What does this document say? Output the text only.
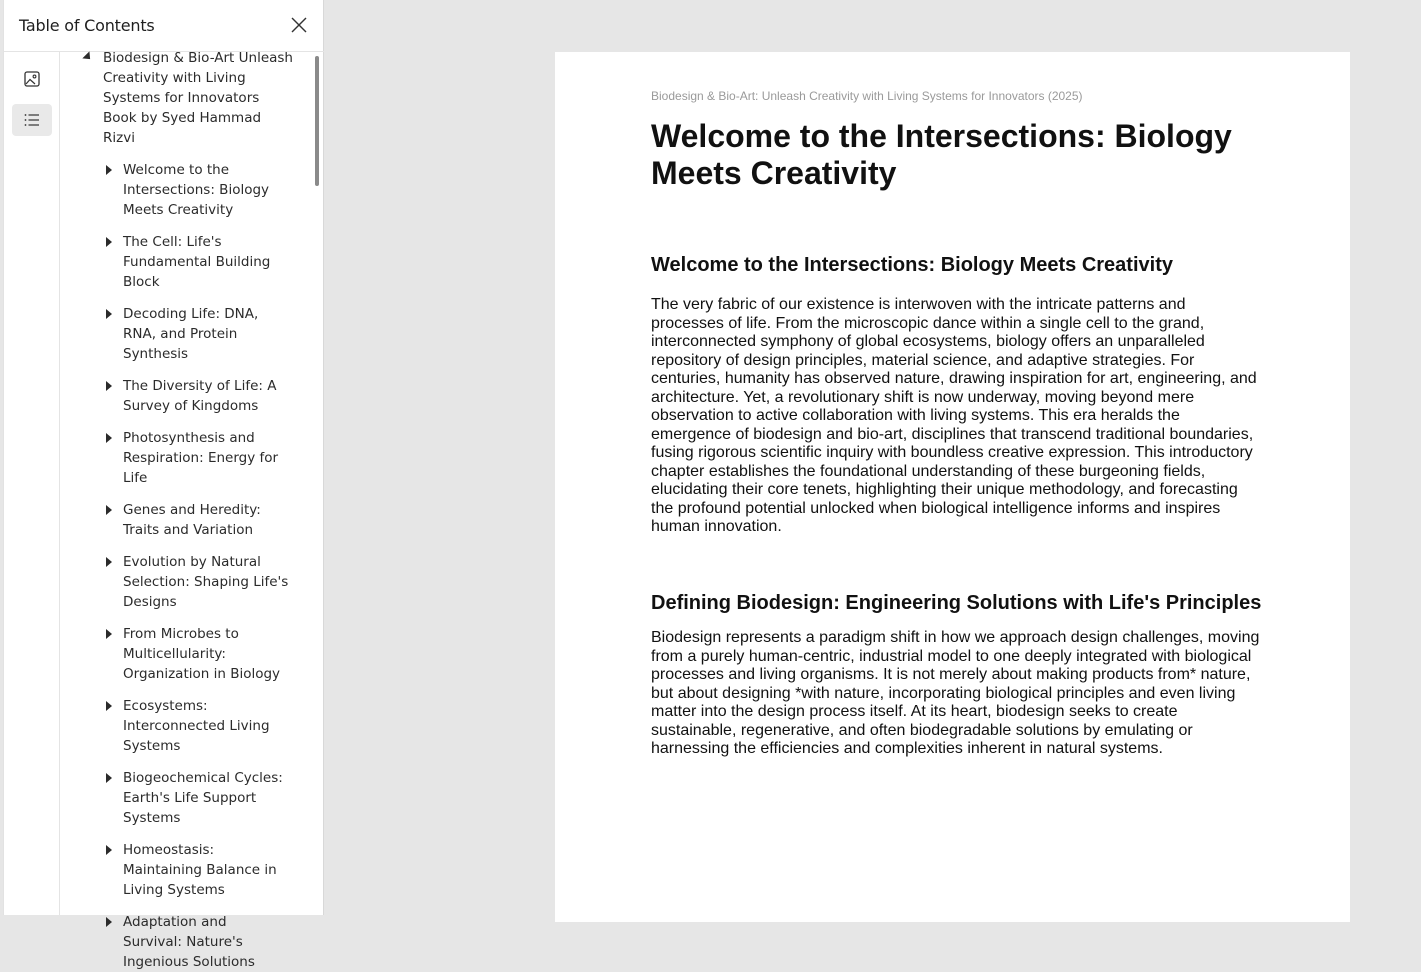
Table of Contents
Biodesign & Bio-Art Unleash Creativity with Living Systems for Innovators Book by Syed Hammad Rizvi
Welcome to the Intersections: Biology Meets Creativity
The Cell: Life's Fundamental Building Block
Decoding Life: DNA, RNA, and Protein Synthesis
The Diversity of Life: A Survey of Kingdoms
Photosynthesis and Respiration: Energy for Life
Genes and Heredity: Traits and Variation
Evolution by Natural Selection: Shaping Life's Designs
From Microbes to Multicellularity: Organization in Biology
Ecosystems: Interconnected Living Systems
Biogeochemical Cycles: Earth's Life Support Systems
Homeostasis: Maintaining Balance in Living Systems
Adaptation and Survival: Nature's Ingenious Solutions
Biodesign & Bio-Art: Unleash Creativity with Living Systems for Innovators (2025)
Welcome to the Intersections: Biology Meets Creativity
Welcome to the Intersections: Biology Meets Creativity

The very fabric of our existence is interwoven with the intricate patterns and processes of life. From the microscopic dance within a single cell to the grand, interconnected symphony of global ecosystems, biology offers an unparalleled repository of design principles, material science, and adaptive strategies. For centuries, humanity has observed nature, drawing inspiration for art, engineering, and architecture. Yet, a revolutionary shift is now underway, moving beyond mere observation to active collaboration with living systems. This era heralds the emergence of biodesign and bio-art, disciplines that transcend traditional boundaries, fusing rigorous scientific inquiry with boundless creative expression. This introductory chapter establishes the foundational understanding of these burgeoning fields, elucidating their core tenets, highlighting their unique methodology, and forecasting the profound potential unlocked when biological intelligence informs and inspires human innovation.

Defining Biodesign: Engineering Solutions with Life's Principles

Biodesign represents a paradigm shift in how we approach design challenges, moving from a purely human-centric, industrial model to one deeply integrated with biological processes and living organisms. It is not merely about making products from* nature, but about designing *with nature, incorporating biological principles and even living matter into the design process itself. At its heart, biodesign seeks to create sustainable, regenerative, and often biodegradable solutions by emulating or harnessing the efficiencies and complexities inherent in natural systems.
